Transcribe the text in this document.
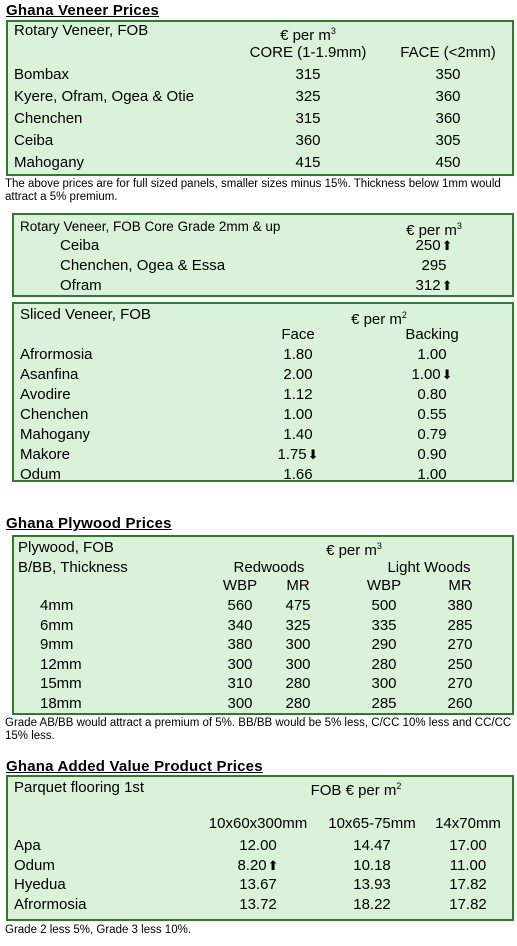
Ghana Veneer Prices
Rotary Veneer, FOB	€ per $m^3$
CORE (1-1.9mm) FACE (<2mm)
Bombax	315	350
Kyere, Ofram, Ogea & Otie	325	360
Chenchen	315	360
Ceiba	360	305
Mahogany	415	450
The above prices are for full sized panels, smaller sizes minus 15%. Thickness below 1mm would attract a 5% premium.
Rotary Veneer, FOB Core Grade 2mm & up	€ per $m^3$
Ceiba	250⬆
Chenchen, Ogea & Essa	295
Ofram	312⬆
Sliced Veneer, FOB	€ per $m^2$
Face	Backing
Afrormosia	1.80	1.00
Asanfina	2.00	1.00⬇
Avodire	1.12	0.80
Chenchen	1.00	0.55
Mahogany	1.40	0.79
Makore	1.75⬇	0.90
Odum	1.66	1.00
Ghana Plywood Prices
Plywood, FOB	€ per $m^3$
B/BB, Thickness	Redwoods	Light Woods
WBP MR	WBP	MR
4mm	560 475	500	380
6mm	340 325	335	285
9mm	380 300	290	270
12mm	300 300	280	250
15mm	310 280	300	270
18mm	300 280	285	260
Grade AB/BB would attract a premium of 5%. BB/BB would be 5% less, C/CC 10% less and CC/CC 15% less.
Ghana Added Value Product Prices
Parquet flooring 1st	FOB € per $m^2$
10x60x300mm 10x65-75mm 14x70mm
Apa	12.00	14.47	17.00
Odum	8.20⬆	10.18	11.00
Hyedua	13.67	13.93	17.82
Afrormosia	13.72	18.22	17.82
Grade 2 less 5%, Grade 3 less 10%.
